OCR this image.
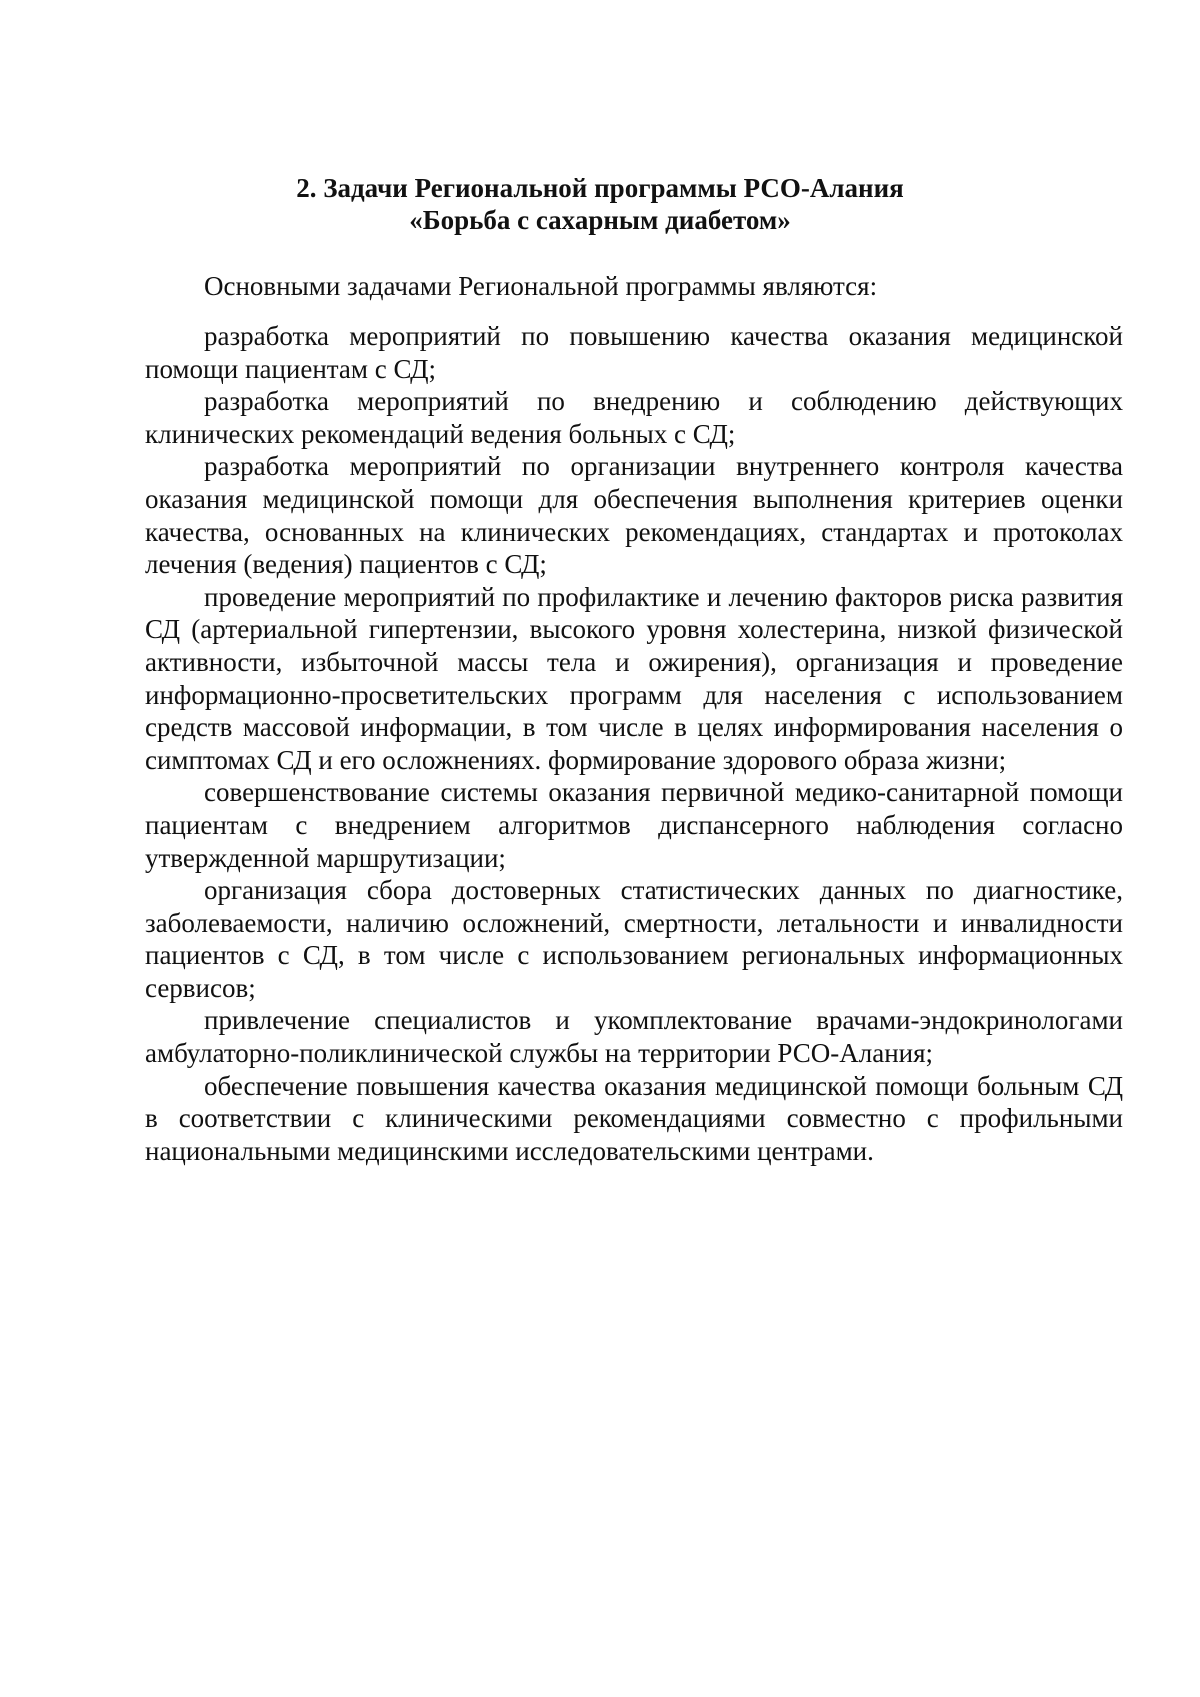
2. Задачи Региональной программы РСО-Алания
«Борьба с сахарным диабетом»

Основными задачами Региональной программы являются:

разработка мероприятий по повышению качества оказания медицинской помощи пациентам с СД;

разработка мероприятий по внедрению и соблюдению действующих клинических рекомендаций ведения больных с СД;

разработка мероприятий по организации внутреннего контроля качества оказания медицинской помощи для обеспечения выполнения критериев оценки качества, основанных на клинических рекомендациях, стандартах и протоколах лечения (ведения) пациентов с СД;

проведение мероприятий по профилактике и лечению факторов риска развития СД (артериальной гипертензии, высокого уровня холестерина, низкой физической активности, избыточной массы тела и ожирения), организация и проведение информационно-просветительских программ для населения с использованием средств массовой информации, в том числе в целях информирования населения о симптомах СД и его осложнениях. формирование здорового образа жизни;

совершенствование системы оказания первичной медико-санитарной помощи пациентам с внедрением алгоритмов диспансерного наблюдения согласно утвержденной маршрутизации;

организация сбора достоверных статистических данных по диагностике, заболеваемости, наличию осложнений, смертности, летальности и инвалидности пациентов с СД, в том числе с использованием региональных информационных сервисов;

привлечение специалистов и укомплектование врачами-эндокринологами амбулаторно-поликлинической службы на территории РСО-Алания;

обеспечение повышения качества оказания медицинской помощи больным СД в соответствии с клиническими рекомендациями совместно с профильными национальными медицинскими исследовательскими центрами.
